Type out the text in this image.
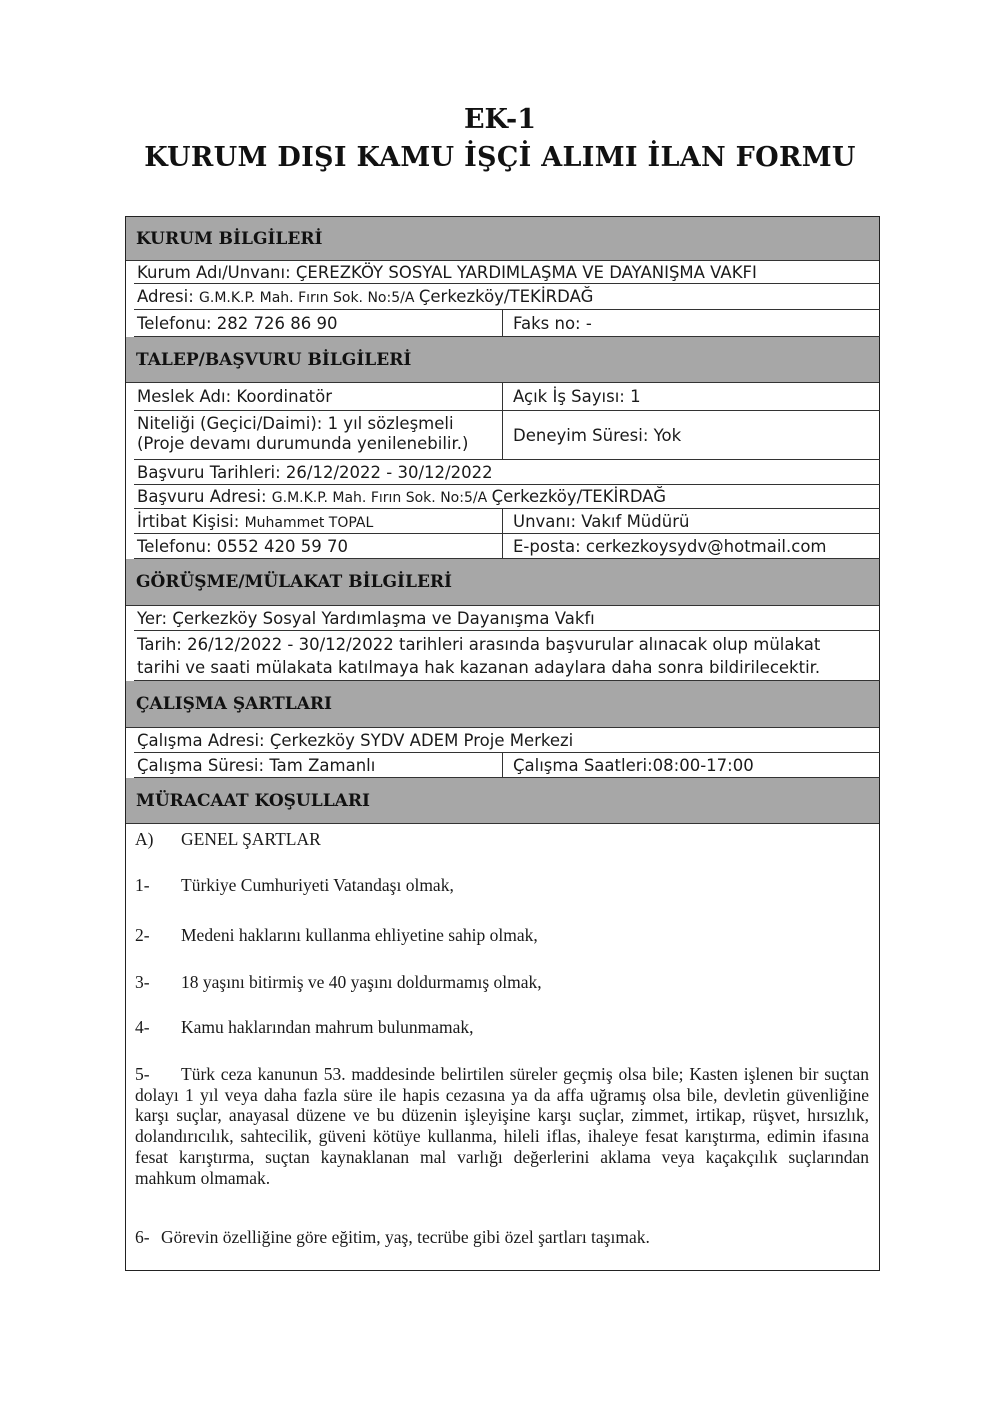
EK-1
KURUM DIŞI KAMU İŞÇİ ALIMI İLAN FORMU
KURUM BİLGİLERİ
Kurum Adı/Unvanı: ÇEREZKÖY SOSYAL YARDIMLAŞMA VE DAYANIŞMA VAKFI
Adresi: G.M.K.P. Mah. Fırın Sok. No:5/A Çerkezköy/TEKİRDAĞ
Telefonu: 282 726 86 90	Faks no: -
TALEP/BAŞVURU BİLGİLERİ
Meslek Adı: Koordinatör	Açık İş Sayısı: 1
Niteliği (Geçici/Daimi): 1 yıl sözleşmeli
(Proje devamı durumunda yenilenebilir.)	Deneyim Süresi: Yok
Başvuru Tarihleri: 26/12/2022 - 30/12/2022
Başvuru Adresi: G.M.K.P. Mah. Fırın Sok. No:5/A Çerkezköy/TEKİRDAĞ
İrtibat Kişisi: Muhammet TOPAL	Unvanı: Vakıf Müdürü
Telefonu: 0552 420 59 70	E-posta: cerkezkoysydv@hotmail.com
GÖRÜŞME/MÜLAKAT BİLGİLERİ
Yer: Çerkezköy Sosyal Yardımlaşma ve Dayanışma Vakfı
Tarih: 26/12/2022 - 30/12/2022 tarihleri arasında başvurular alınacak olup mülakat
tarihi ve saati mülakata katılmaya hak kazanan adaylara daha sonra bildirilecektir.
ÇALIŞMA ŞARTLARI
Çalışma Adresi: Çerkezköy SYDV ADEM Proje Merkezi
Çalışma Süresi: Tam Zamanlı	Çalışma Saatleri:08:00-17:00
MÜRACAAT KOŞULLARI
A) GENEL ŞARTLAR
1- Türkiye Cumhuriyeti Vatandaşı olmak,
2- Medeni haklarını kullanma ehliyetine sahip olmak,
3- 18 yaşını bitirmiş ve 40 yaşını doldurmamış olmak,
4- Kamu haklarından mahrum bulunmamak,
5- Türk ceza kanunun 53. maddesinde belirtilen süreler geçmiş olsa bile; Kasten işlenen bir suçtan dolayı 1 yıl veya daha fazla süre ile hapis cezasına ya da affa uğramış olsa bile, devletin güvenliğine karşı suçlar, anayasal düzene ve bu düzenin işleyişine karşı suçlar, zimmet, irtikap, rüşvet, hırsızlık, dolandırıcılık, sahtecilik, güveni kötüye kullanma, hileli iflas, ihaleye fesat karıştırma, edimin ifasına fesat karıştırma, suçtan kaynaklanan mal varlığı değerlerini aklama veya kaçakçılık suçlarından mahkum olmamak.
6- Görevin özelliğine göre eğitim, yaş, tecrübe gibi özel şartları taşımak.
